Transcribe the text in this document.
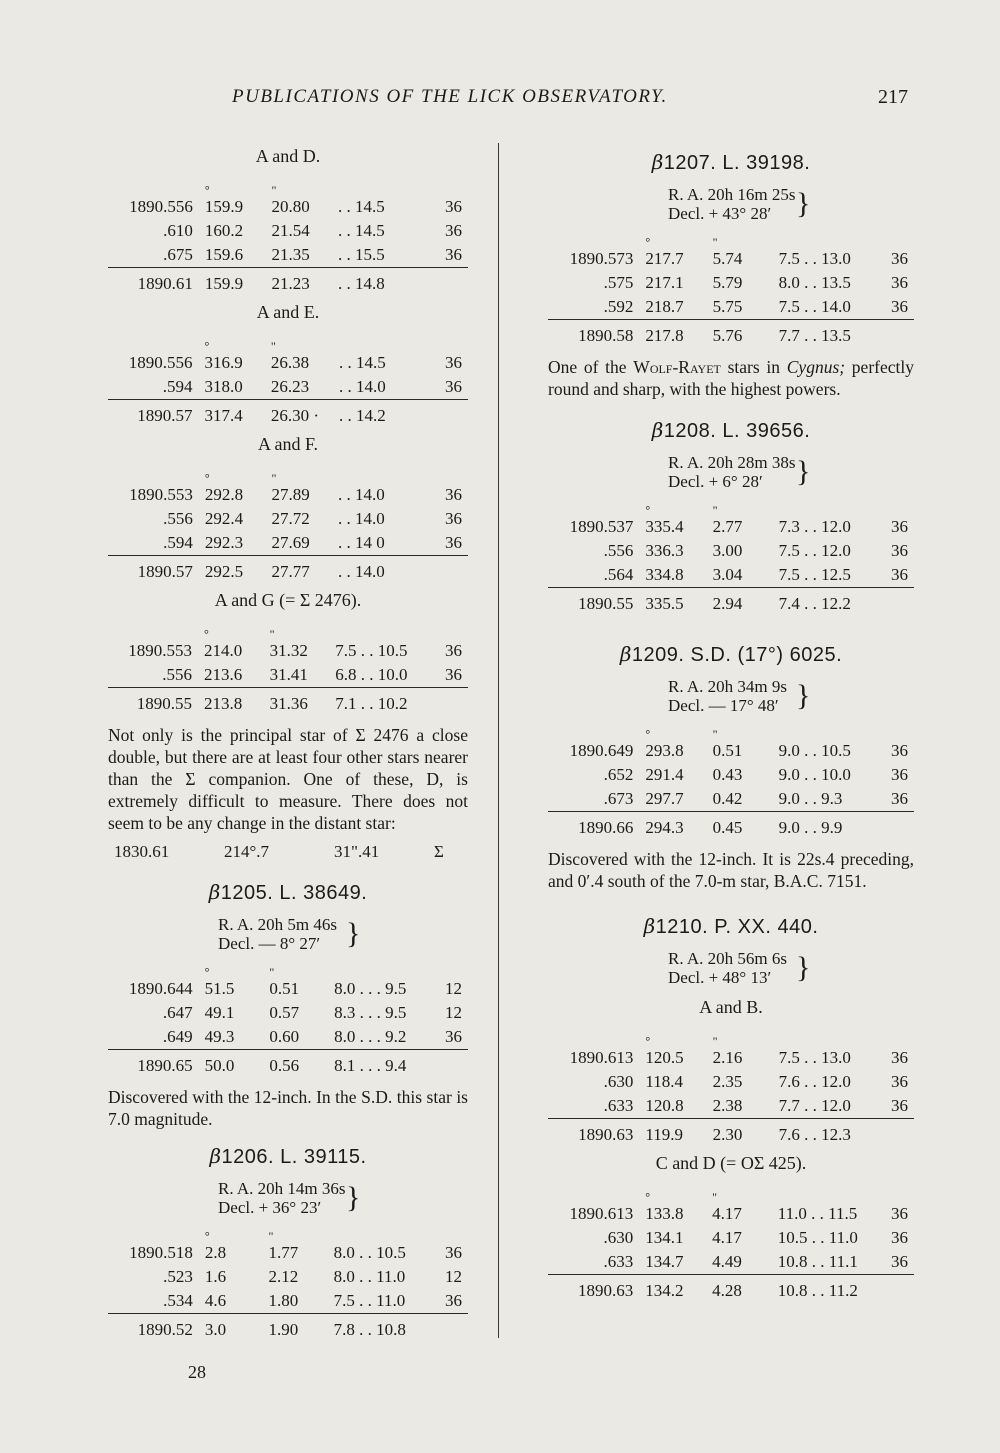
PUBLICATIONS OF THE LICK OBSERVATORY.	217
A and D.
	°	"		
1890.556	159.9	20.80	. . 14.5	36
.610	160.2	21.54	. . 14.5	36
.675	159.6	21.35	. . 15.5	36
1890.61	159.9	21.23	. . 14.8	
A and E.
	°	"		
1890.556	316.9	26.38	. . 14.5	36
.594	318.0	26.23	. . 14.0	36
1890.57	317.4	26.30 ·	. . 14.2	
A and F.
	°	"		
1890.553	292.8	27.89	. . 14.0	36
.556	292.4	27.72	. . 14.0	36
.594	292.3	27.69	. . 14 0	36
1890.57	292.5	27.77	. . 14.0	
A and G (= Σ 2476).
	°	"		
1890.553	214.0	31.32	7.5 . . 10.5	36
.556	213.6	31.41	6.8 . . 10.0	36
1890.55	213.8	31.36	7.1 . . 10.2	

Not only is the principal star of Σ 2476 a close double, but there are at least four other stars nearer than the Σ companion. One of these, D, is extremely difficult to measure. There does not seem to be any change in the distant star:

1830.61	214°.7	31".41	Σ
β1205. L. 38649.
R. A. 20h 5m 46s
Decl. — 8° 27′ }
	°	"		
1890.644	51.5	0.51	8.0 . . . 9.5	12
.647	49.1	0.57	8.3 . . . 9.5	12
.649	49.3	0.60	8.0 . . . 9.2	36
1890.65	50.0	0.56	8.1 . . . 9.4	

Discovered with the 12-inch. In the S.D. this star is 7.0 magnitude.

β1206. L. 39115.
R. A. 20h 14m 36s
Decl. + 36° 23′ }
	°	"		
1890.518	2.8	1.77	8.0 . . 10.5	36
.523	1.6	2.12	8.0 . . 11.0	12
.534	4.6	1.80	7.5 . . 11.0	36
1890.52	3.0	1.90	7.8 . . 10.8	
28
β1207. L. 39198.
R. A. 20h 16m 25s
Decl. + 43° 28′ }
	°	"		
1890.573	217.7	5.74	7.5 . . 13.0	36
.575	217.1	5.79	8.0 . . 13.5	36
.592	218.7	5.75	7.5 . . 14.0	36
1890.58	217.8	5.76	7.7 . . 13.5	

One of the Wolf-Rayet stars in Cygnus; perfectly round and sharp, with the highest powers.

β1208. L. 39656.
R. A. 20h 28m 38s
Decl. + 6° 28′	}
	°	"		
1890.537	335.4	2.77	7.3 . . 12.0	36
.556	336.3	3.00	7.5 . . 12.0	36
.564	334.8	3.04	7.5 . . 12.5	36
1890.55	335.5	2.94	7.4 . . 12.2	
β1209. S.D. (17°) 6025.
R. A. 20h 34m 9s
Decl. — 17° 48′ }
	°	"		
1890.649	293.8	0.51	9.0 . . 10.5	36
.652	291.4	0.43	9.0 . . 10.0	36
.673	297.7	0.42	9.0 . . 9.3	36
1890.66	294.3	0.45	9.0 . . 9.9	

Discovered with the 12-inch. It is 22s.4 preceding, and 0′.4 south of the 7.0-m star, B.A.C. 7151.

β1210. P. XX. 440.
R. A. 20h 56m 6s
Decl. + 48° 13′ }
A and B.
	°	"		
1890.613	120.5	2.16	7.5 . . 13.0	36
.630	118.4	2.35	7.6 . . 12.0	36
.633	120.8	2.38	7.7 . . 12.0	36
1890.63	119.9	2.30	7.6 . . 12.3	
C and D (= OΣ 425).
	°	"		
1890.613	133.8	4.17	11.0 . . 11.5	36
.630	134.1	4.17	10.5 . . 11.0	36
.633	134.7	4.49	10.8 . . 11.1	36
1890.63	134.2	4.28	10.8 . . 11.2	
